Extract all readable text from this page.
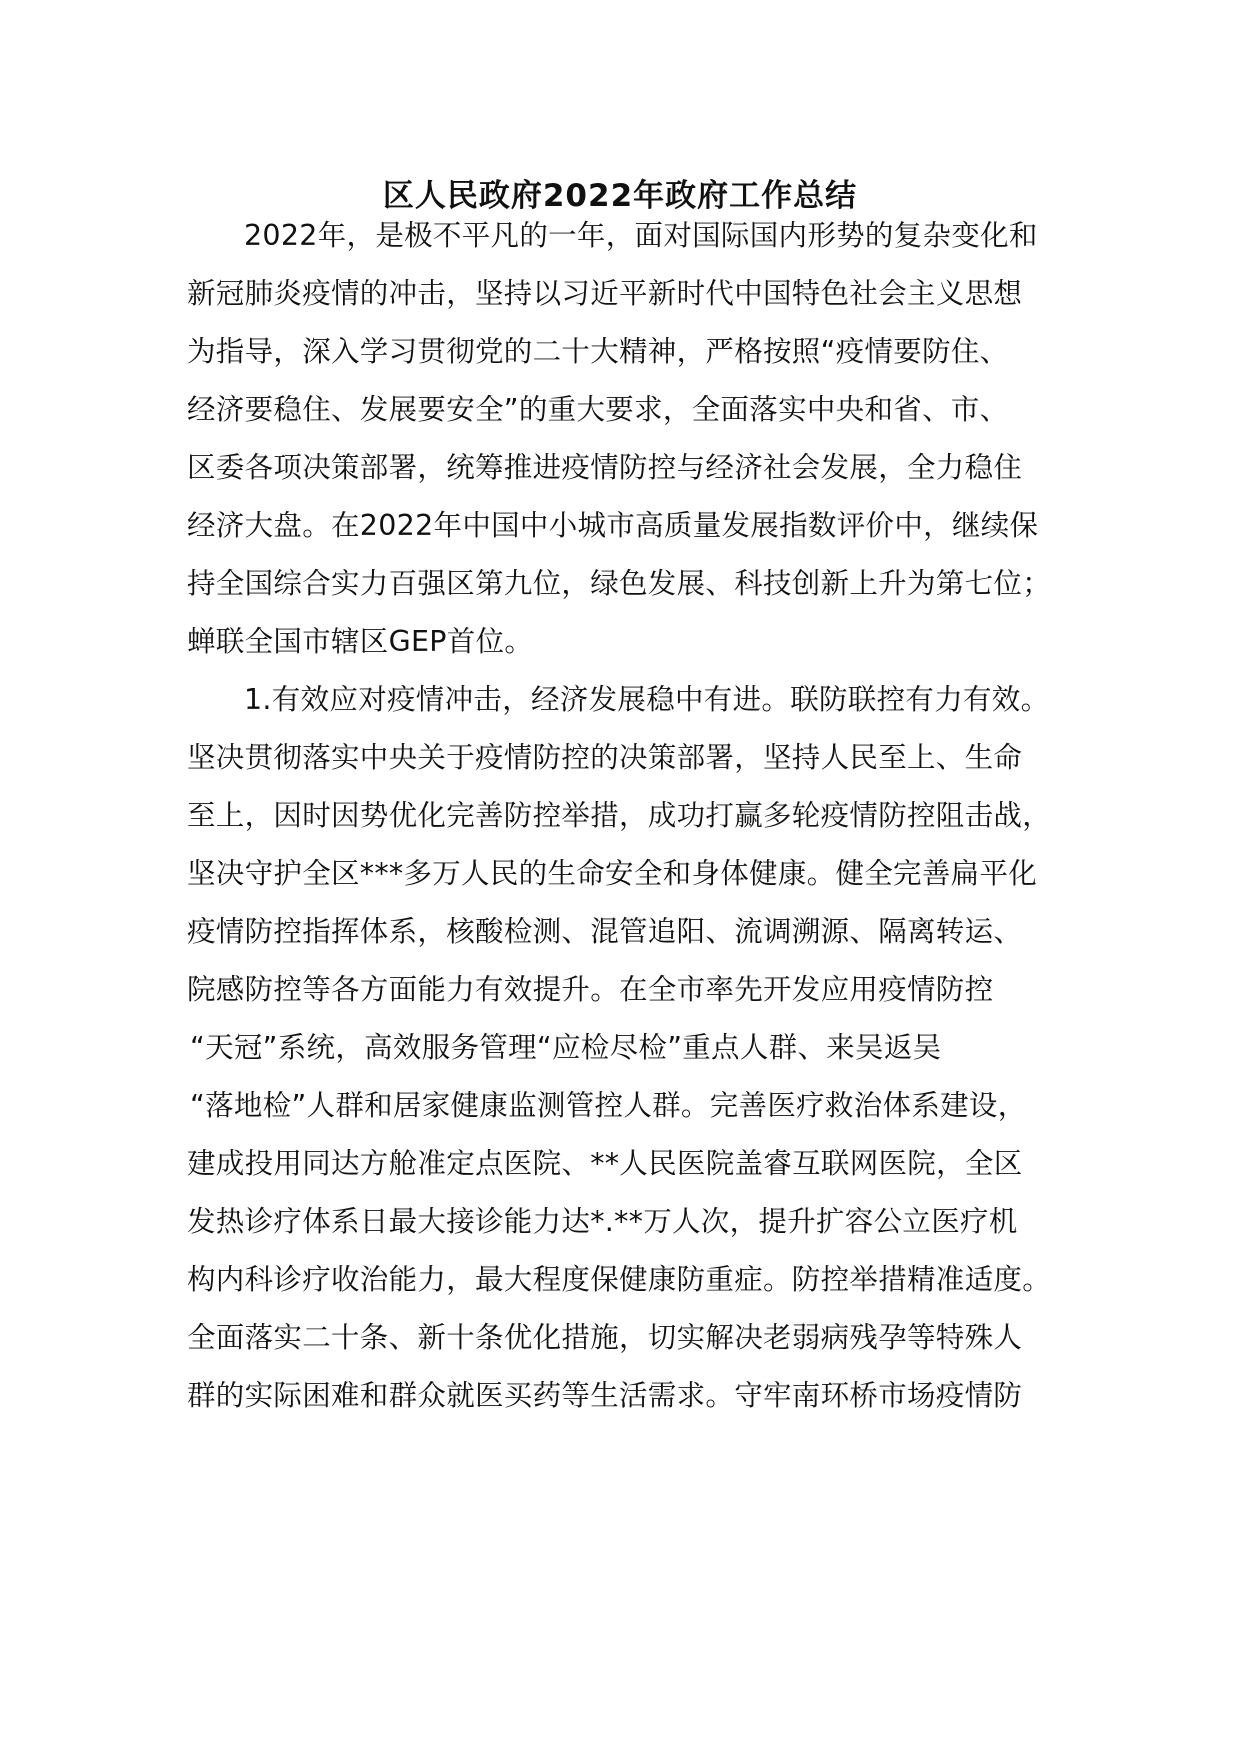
区人民政府2022年政府工作总结
2022年，是极不平凡的一年，面对国际国内形势的复杂变化和
新冠肺炎疫情的冲击，坚持以习近平新时代中国特色社会主义思想
为指导，深入学习贯彻党的二十大精神，严格按照“疫情要防住、
经济要稳住、发展要安全”的重大要求，全面落实中央和省、市、
区委各项决策部署，统筹推进疫情防控与经济社会发展，全力稳住
经济大盘。在2022年中国中小城市高质量发展指数评价中，继续保
持全国综合实力百强区第九位，绿色发展、科技创新上升为第七位；
蝉联全国市辖区GEP首位。
1.有效应对疫情冲击，经济发展稳中有进。联防联控有力有效。
坚决贯彻落实中央关于疫情防控的决策部署，坚持人民至上、生命
至上，因时因势优化完善防控举措，成功打赢多轮疫情防控阻击战，
坚决守护全区***多万人民的生命安全和身体健康。健全完善扁平化
疫情防控指挥体系，核酸检测、混管追阳、流调溯源、隔离转运、
院感防控等各方面能力有效提升。在全市率先开发应用疫情防控
“天冠”系统，高效服务管理“应检尽检”重点人群、来吴返吴
“落地检”人群和居家健康监测管控人群。完善医疗救治体系建设，
建成投用同达方舱准定点医院、**人民医院盖睿互联网医院，全区
发热诊疗体系日最大接诊能力达*.**万人次，提升扩容公立医疗机
构内科诊疗收治能力，最大程度保健康防重症。防控举措精准适度。
全面落实二十条、新十条优化措施，切实解决老弱病残孕等特殊人
群的实际困难和群众就医买药等生活需求。守牢南环桥市场疫情防
